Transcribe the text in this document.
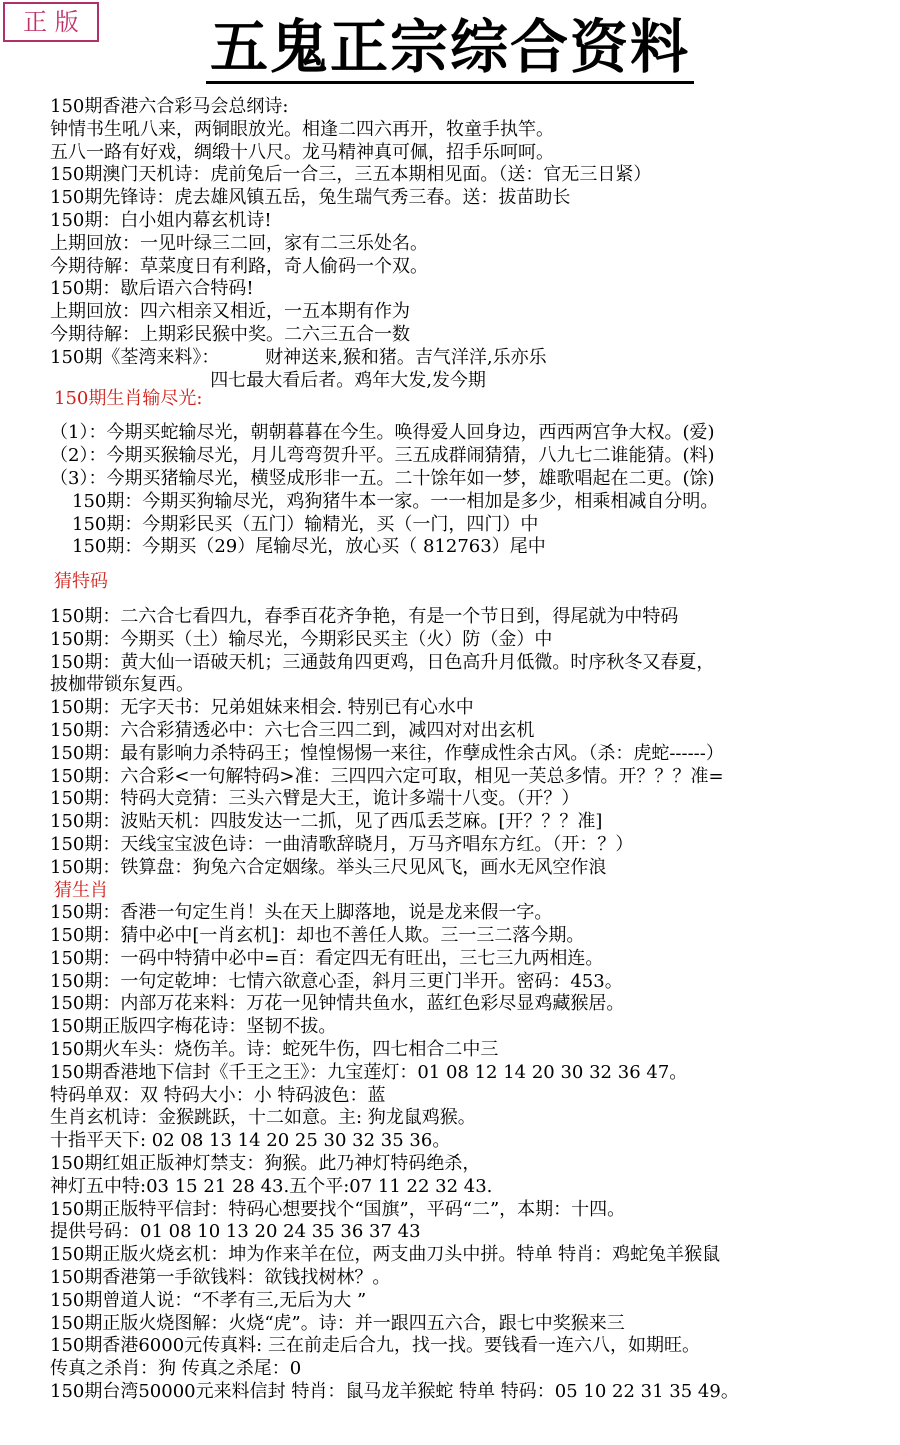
正 版	五鬼正宗综合资料
150期香港六合彩马会总纲诗:
钟情书生吼八来，两铜眼放光。相逢二四六再开，牧童手执竿。
五八一路有好戏，绸缎十八尺。龙马精神真可佩，招手乐呵呵。
150期澳门天机诗：虎前兔后一合三，三五本期相见面。（送：官无三日紧）
150期先锋诗：虎去雄风镇五岳，兔生瑞气秀三春。送：拔苗助长
150期：白小姐内幕玄机诗!
上期回放：一见叶绿三二回，家有二三乐处名。
今期待解：草菜度日有利路，奇人偷码一个双。
150期：歇后语六合特码!
上期回放：四六相亲又相近，一五本期有作为
今期待解：上期彩民猴中奖。二六三五合一数
150期《荃湾来料》：        财神送来,猴和猪。吉气洋洋,乐亦乐
四七最大看后者。鸡年大发,发今期
150期生肖输尽光:
（1）：今期买蛇输尽光，朝朝暮暮在今生。唤得爱人回身边，西西两宫争大权。(爱)
（2）：今期买猴输尽光，月儿弯弯贺升平。三五成群闹猜猜，八九七二谁能猜。(料)
（3）：今期买猪输尽光，横竖成形非一五。二十馀年如一梦，雄歌唱起在二更。(馀)
150期：今期买狗输尽光，鸡狗猪牛本一家。一一相加是多少，相乘相减自分明。
150期：今期彩民买（五门）输精光，买（一门，四门）中
150期：今期买（29）尾输尽光，放心买（ 812763）尾中
猜特码
150期：二六合七看四九，春季百花齐争艳，有是一个节日到，得尾就为中特码
150期：今期买（土）输尽光，今期彩民买主（火）防（金）中
150期：黄大仙一语破天机；三通鼓角四更鸡，日色高升月低微。时序秋冬又春夏，
披枷带锁东复西。
150期：无字天书：兄弟姐妹来相会. 特别已有心水中
150期：六合彩猜透必中：六七合三四二到，减四对对出玄机
150期：最有影响力杀特码王；惶惶惕惕一来往，作孽成性余古风。（杀：虎蛇------）
150期：六合彩<一句解特码>准：三四四六定可取，相见一芙总多情。开？？？准=
150期：特码大竞猜：三头六臂是大王，诡计多端十八变。（开？）
150期：波贴天机：四肢发达一二抓，见了西瓜丢芝麻。[开？？？准]
150期：天线宝宝波色诗：一曲清歌辞晓月，万马齐唱东方红。（开：？）
150期：铁算盘：狗兔六合定姻缘。举头三尺见风飞，画水无风空作浪
猜生肖
150期：香港一句定生肖！头在天上脚落地，说是龙来假一字。
150期：猜中必中[一肖玄机]：却也不善任人欺。三一三二落今期。
150期：一码中特猜中必中=百：看定四无有旺出，三七三九两相连。
150期：一句定乾坤：七情六欲意心歪，斜月三更门半开。密码：453。
150期：内部万花来料：万花一见钟情共鱼水，蓝红色彩尽显鸡藏猴居。
150期正版四字梅花诗：坚韧不拔。
150期火车头：烧伤羊。诗：蛇死牛伤，四七相合二中三
150期香港地下信封《千王之王》：九宝莲灯：01 08 12 14 20 30 32 36 47。
特码单双：双 特码大小：小 特码波色：蓝
生肖玄机诗：金猴跳跃，十二如意。主: 狗龙鼠鸡猴。
十指平天下: 02 08 13 14 20 25 30 32 35 36。
150期红姐正版神灯禁支：狗猴。此乃神灯特码绝杀，
神灯五中特:03 15 21 28 43.五个平:07 11 22 32 43.
150期正版特平信封：特码心想要找个“国旗”，平码“二”，本期：十四。
提供号码：01 08 10 13 20 24 35 36 37 43
150期正版火烧玄机：坤为作来羊在位，两支曲刀头中拼。特单 特肖：鸡蛇兔羊猴鼠
150期香港第一手欲钱料：欲钱找树林？。
150期曾道人说：“不孝有三,无后为大 ”
150期正版火烧图解：火烧“虎”。诗：并一跟四五六合，跟七中奖猴来三
150期香港6000元传真料: 三在前走后合九，找一找。要钱看一连六八，如期旺。
传真之杀肖：狗 传真之杀尾：0
150期台湾50000元来料信封 特肖：鼠马龙羊猴蛇 特单 特码：05 10 22 31 35 49。
